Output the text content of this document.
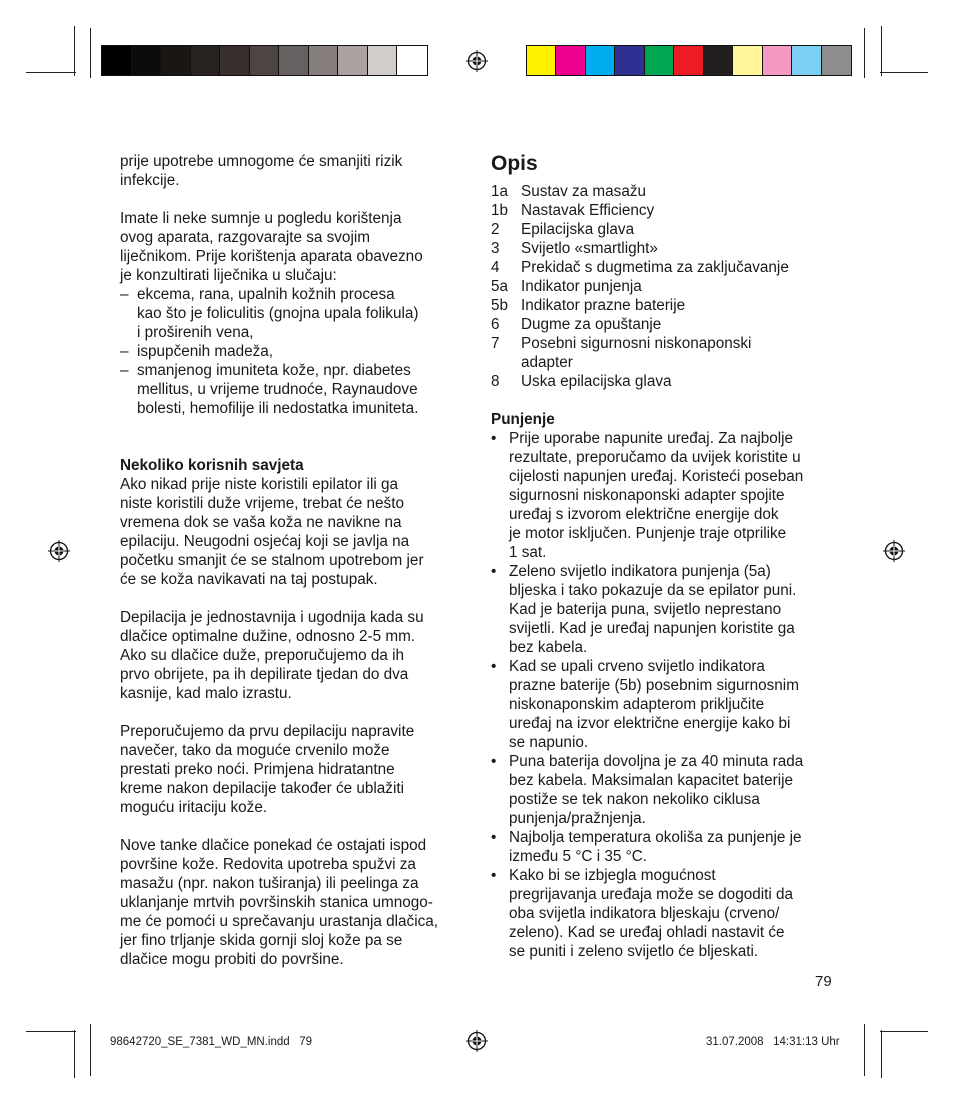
prije upotrebe umnogome će smanjiti rizik
infekcije.

Imate li neke sumnje u pogledu korištenja
ovog aparata, razgovarajte sa svojim
liječnikom. Prije korištenja aparata obavezno
je konzultirati liječnika u slučaju:

– ekcema, rana, upalnih kožnih procesa
kao što je foliculitis (gnojna upala folikula)
i proširenih vena,
– ispupčenih madeža,
– smanjenog imuniteta kože, npr. diabetes
mellitus, u vrijeme trudnoće, Raynaudove
bolesti, hemofilije ili nedostatka imuniteta.

Nekoliko korisnih savjeta

Ako nikad prije niste koristili epilator ili ga
niste koristili duže vrijeme, trebat će nešto
vremena dok se vaša koža ne navikne na
epilaciju. Neugodni osjećaj koji se javlja na
početku smanjit će se stalnom upotrebom jer
će se koža navikavati na taj postupak.

Depilacija je jednostavnija i ugodnija kada su
dlačice optimalne dužine, odnosno 2-5 mm.
Ako su dlačice duže, preporučujemo da ih
prvo obrijete, pa ih depilirate tjedan do dva
kasnije, kad malo izrastu.

Preporučujemo da prvu depilaciju napravite
navečer, tako da moguće crvenilo može
prestati preko noći. Primjena hidratantne
kreme nakon depilacije također će ublažiti
moguću iritaciju kože.

Nove tanke dlačice ponekad će ostajati ispod
površine kože. Redovita upotreba spužvi za
masažu (npr. nakon tuširanja) ili peelinga za
uklanjanje mrtvih površinskih stanica umnogo-
me će pomoći u sprečavanju urastanja dlačica,
jer fino trljanje skida gornji sloj kože pa se
dlačice mogu probiti do površine.

Opis

1a Sustav za masažu
1b Nastavak Efficiency
2	Epilacijska glava
3	Svijetlo «smartlight»
4	Prekidač s dugmetima za zaključavanje
5a Indikator punjenja
5b Indikator prazne baterije
6	Dugme za opuštanje
7	Posebni sigurnosni niskonaponski
adapter
8	Uska epilacijska glava

Punjenje

• Prije uporabe napunite uređaj. Za najbolje
rezultate, preporučamo da uvijek koristite u
cijelosti napunjen uređaj. Koristeći poseban
sigurnosni niskonaponski adapter spojite
uređaj s izvorom električne energije dok
je motor isključen. Punjenje traje otprilike
1 sat.
• Zeleno svijetlo indikatora punjenja (5a)
bljeska i tako pokazuje da se epilator puni.
Kad je baterija puna, svijetlo neprestano
svijetli. Kad je uređaj napunjen koristite ga
bez kabela.
• Kad se upali crveno svijetlo indikatora
prazne baterije (5b) posebnim sigurnosnim
niskonaponskim adapterom priključite
uređaj na izvor električne energije kako bi
se napunio.
• Puna baterija dovoljna je za 40 minuta rada
bez kabela. Maksimalan kapacitet baterije
postiže se tek nakon nekoliko ciklusa
punjenja/pražnjenja.
• Najbolja temperatura okoliša za punjenje je
između 5 °C i 35 °C.
• Kako bi se izbjegla mogućnost
pregrijavanja uređaja može se dogoditi da
oba svijetla indikatora bljeskaju (crveno/
zeleno). Kad se uređaj ohladi nastavit će
se puniti i zeleno svijetlo će bljeskati.
79
98642720_SE_7381_WD_MN.indd   79	31.07.2008   14:31:13 Uhr
